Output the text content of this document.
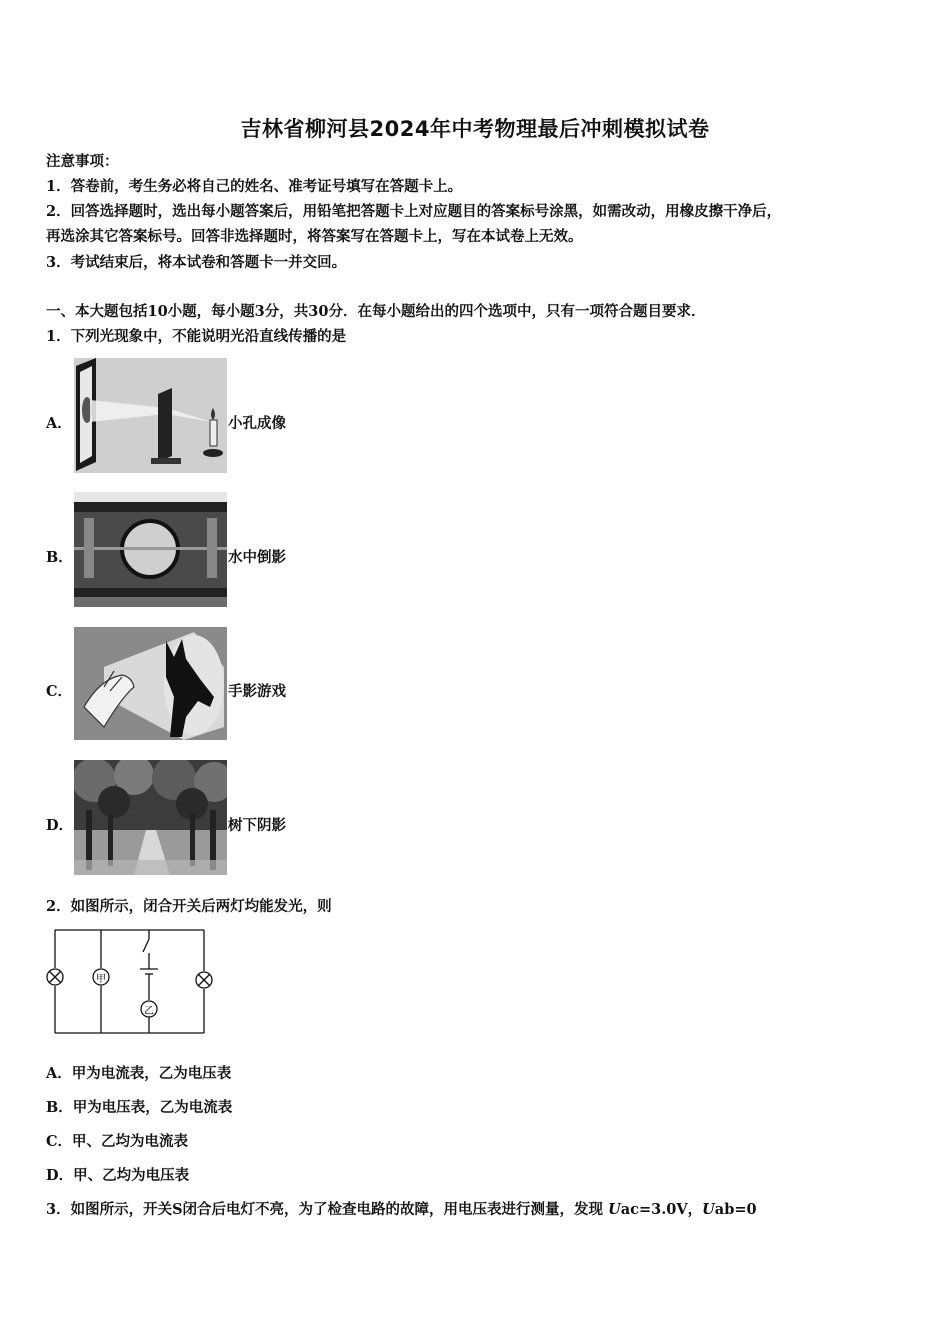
吉林省柳河县2024年中考物理最后冲刺模拟试卷
注意事项：
1．答卷前，考生务必将自己的姓名、准考证号填写在答题卡上。
2．回答选择题时，选出每小题答案后，用铅笔把答题卡上对应题目的答案标号涂黑，如需改动，用橡皮擦干净后，
再选涂其它答案标号。回答非选择题时，将答案写在答题卡上，写在本试卷上无效。
3．考试结束后，将本试卷和答题卡一并交回。
一、本大题包括10小题，每小题3分，共30分．在每小题给出的四个选项中，只有一项符合题目要求．
1．下列光现象中，不能说明光沿直线传播的是
A．	小孔成像
B．	水中倒影
C．	手影游戏
D．	树下阴影
2．如图所示，闭合开关后两灯均能发光，则
甲
乙
A．甲为电流表，乙为电压表
B．甲为电压表，乙为电流表
C．甲、乙均为电流表
D．甲、乙均为电压表
3．如图所示，开关S闭合后电灯不亮，为了检查电路的故障，用电压表进行测量，发现 Uac=3.0V，Uab=0
